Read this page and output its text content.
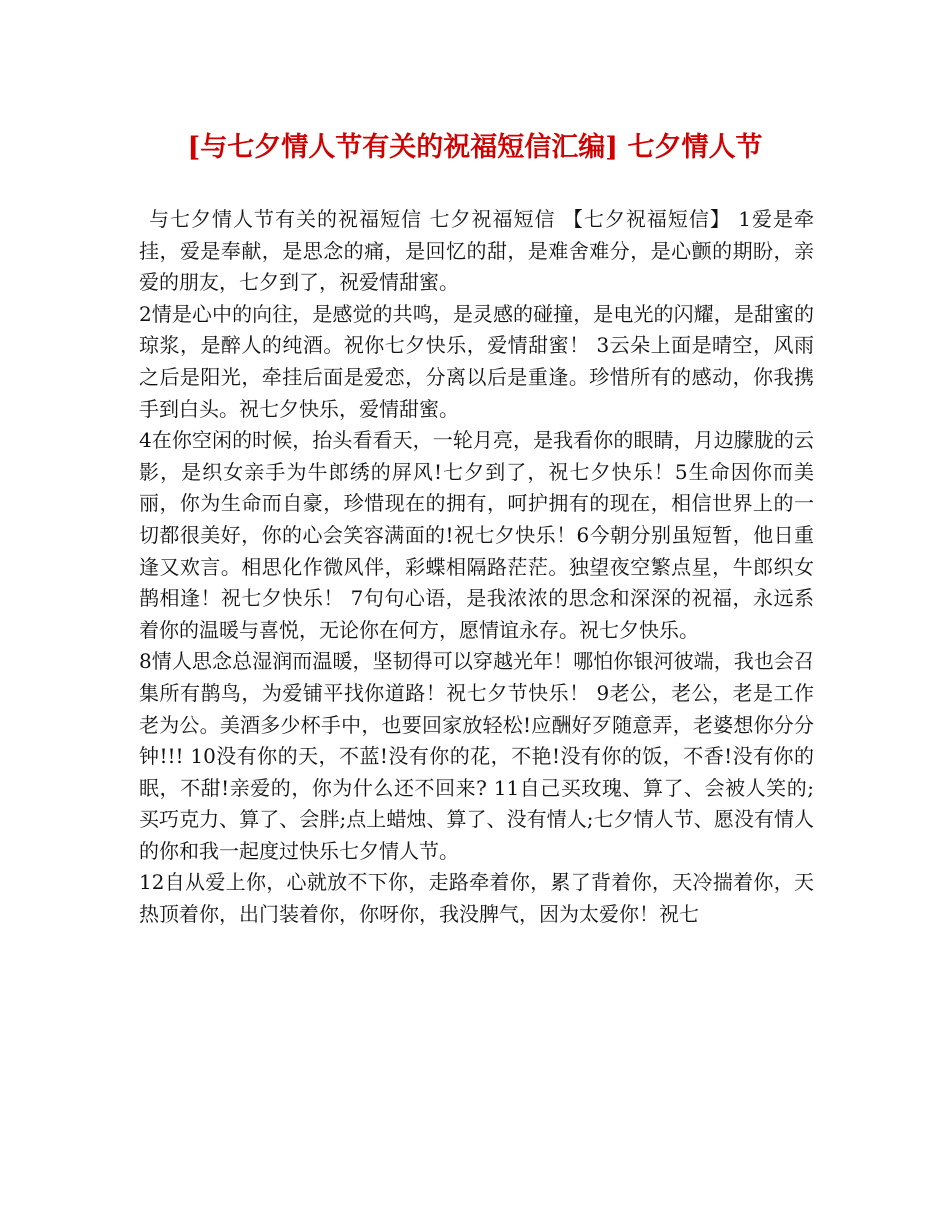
[与七夕情人节有关的祝福短信汇编] 七夕情人节

与七夕情人节有关的祝福短信 七夕祝福短信 【七夕祝福短信】 1爱是牵挂，爱是奉献，是思念的痛，是回忆的甜，是难舍难分，是心颤的期盼，亲爱的朋友，七夕到了，祝爱情甜蜜。

2情是心中的向往，是感觉的共鸣，是灵感的碰撞，是电光的闪耀，是甜蜜的琼浆，是醉人的纯酒。祝你七夕快乐，爱情甜蜜！ 3云朵上面是晴空，风雨之后是阳光，牵挂后面是爱恋，分离以后是重逢。珍惜所有的感动，你我携手到白头。祝七夕快乐，爱情甜蜜。

4在你空闲的时候，抬头看看天，一轮月亮，是我看你的眼睛，月边朦胧的云影，是织女亲手为牛郎绣的屏风!七夕到了，祝七夕快乐！5生命因你而美丽，你为生命而自豪，珍惜现在的拥有，呵护拥有的现在，相信世界上的一切都很美好，你的心会笑容满面的!祝七夕快乐！6今朝分别虽短暂，他日重逢又欢言。相思化作微风伴，彩蝶相隔路茫茫。独望夜空繁点星，牛郎织女鹊相逢！祝七夕快乐！ 7句句心语，是我浓浓的思念和深深的祝福，永远系着你的温暖与喜悦，无论你在何方，愿情谊永存。祝七夕快乐。

8情人思念总湿润而温暖，坚韧得可以穿越光年！哪怕你银河彼端，我也会召集所有鹊鸟，为爱铺平找你道路！祝七夕节快乐！ 9老公，老公，老是工作老为公。美酒多少杯手中，也要回家放轻松!应酬好歹随意弄，老婆想你分分钟!!! 10没有你的天，不蓝!没有你的花，不艳!没有你的饭，不香!没有你的眠，不甜!亲爱的，你为什么还不回来? 11自己买玫瑰、算了、会被人笑的;买巧克力、算了、会胖;点上蜡烛、算了、没有情人;七夕情人节、愿没有情人的你和我一起度过快乐七夕情人节。

12自从爱上你，心就放不下你，走路牵着你，累了背着你，天冷揣着你，天热顶着你，出门装着你，你呀你，我没脾气，因为太爱你！祝七
